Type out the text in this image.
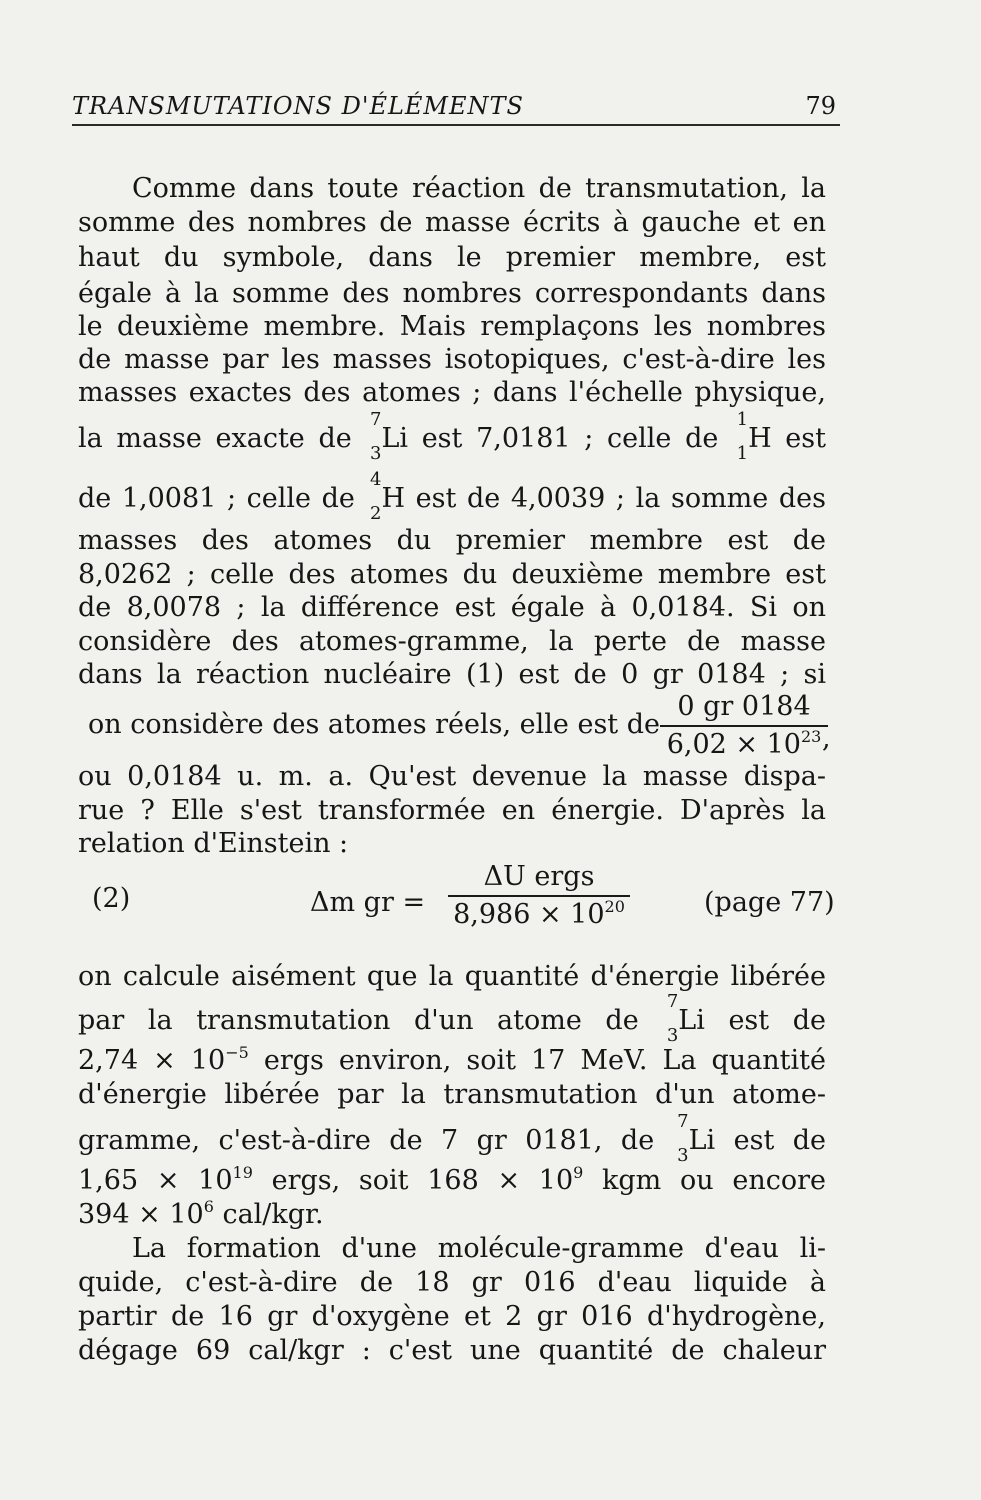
TRANSMUTATIONS D'ÉLÉMENTS	79
Comme dans toute réaction de transmutation, la
somme des nombres de masse écrits à gauche et en
haut du symbole, dans le premier membre, est
égale à la somme des nombres correspondants dans
le deuxième membre. Mais remplaçons les nombres
de masse par les masses isotopiques, c'est-à-dire les
masses exactes des atomes ; dans l'échelle physique,
la masse exacte de
7
3 Li est 7,0181 ; celle de
1
1 H est
de 1,0081 ; celle de
4
2 H est de 4,0039 ; la somme des
masses des atomes du premier membre est de
8,0262 ; celle des atomes du deuxième membre est
de 8,0078 ; la différence est égale à 0,0184. Si on
considère des atomes-gramme, la perte de masse
dans la réaction nucléaire (1) est de 0 gr 0184 ; si
on considère des atomes réels, elle est de $\frac{0 gr 0184}{6,02 \times 10^{23}}$
,
ou 0,0184 u. m. a. Qu'est devenue la masse dispa-
rue ? Elle s'est transformée en énergie. D'après la
relation d'Einstein :
(2)	Δm gr =
ΔU ergs
$8,986 \times 10^{20}$	(page 77)
on calcule aisément que la quantité d'énergie libérée
par la transmutation d'un atome de
7
3 Li est de
$2,74 \times 10^{-5}$ ergs environ, soit 17 MeV. La quantité
d'énergie libérée par la transmutation d'un atome-
gramme, c'est-à-dire de 7 gr 0181, de
7
3 Li est de
$1,65 \times 10^{19}$ ergs, soit $168 \times 10^9$ kgm ou encore
$394 \times 10^6$ cal/kgr.
La formation d'une molécule-gramme d'eau li-
quide, c'est-à-dire de 18 gr 016 d'eau liquide à
partir de 16 gr d'oxygène et 2 gr 016 d'hydrogène,
dégage 69 cal/kgr : c'est une quantité de chaleur
